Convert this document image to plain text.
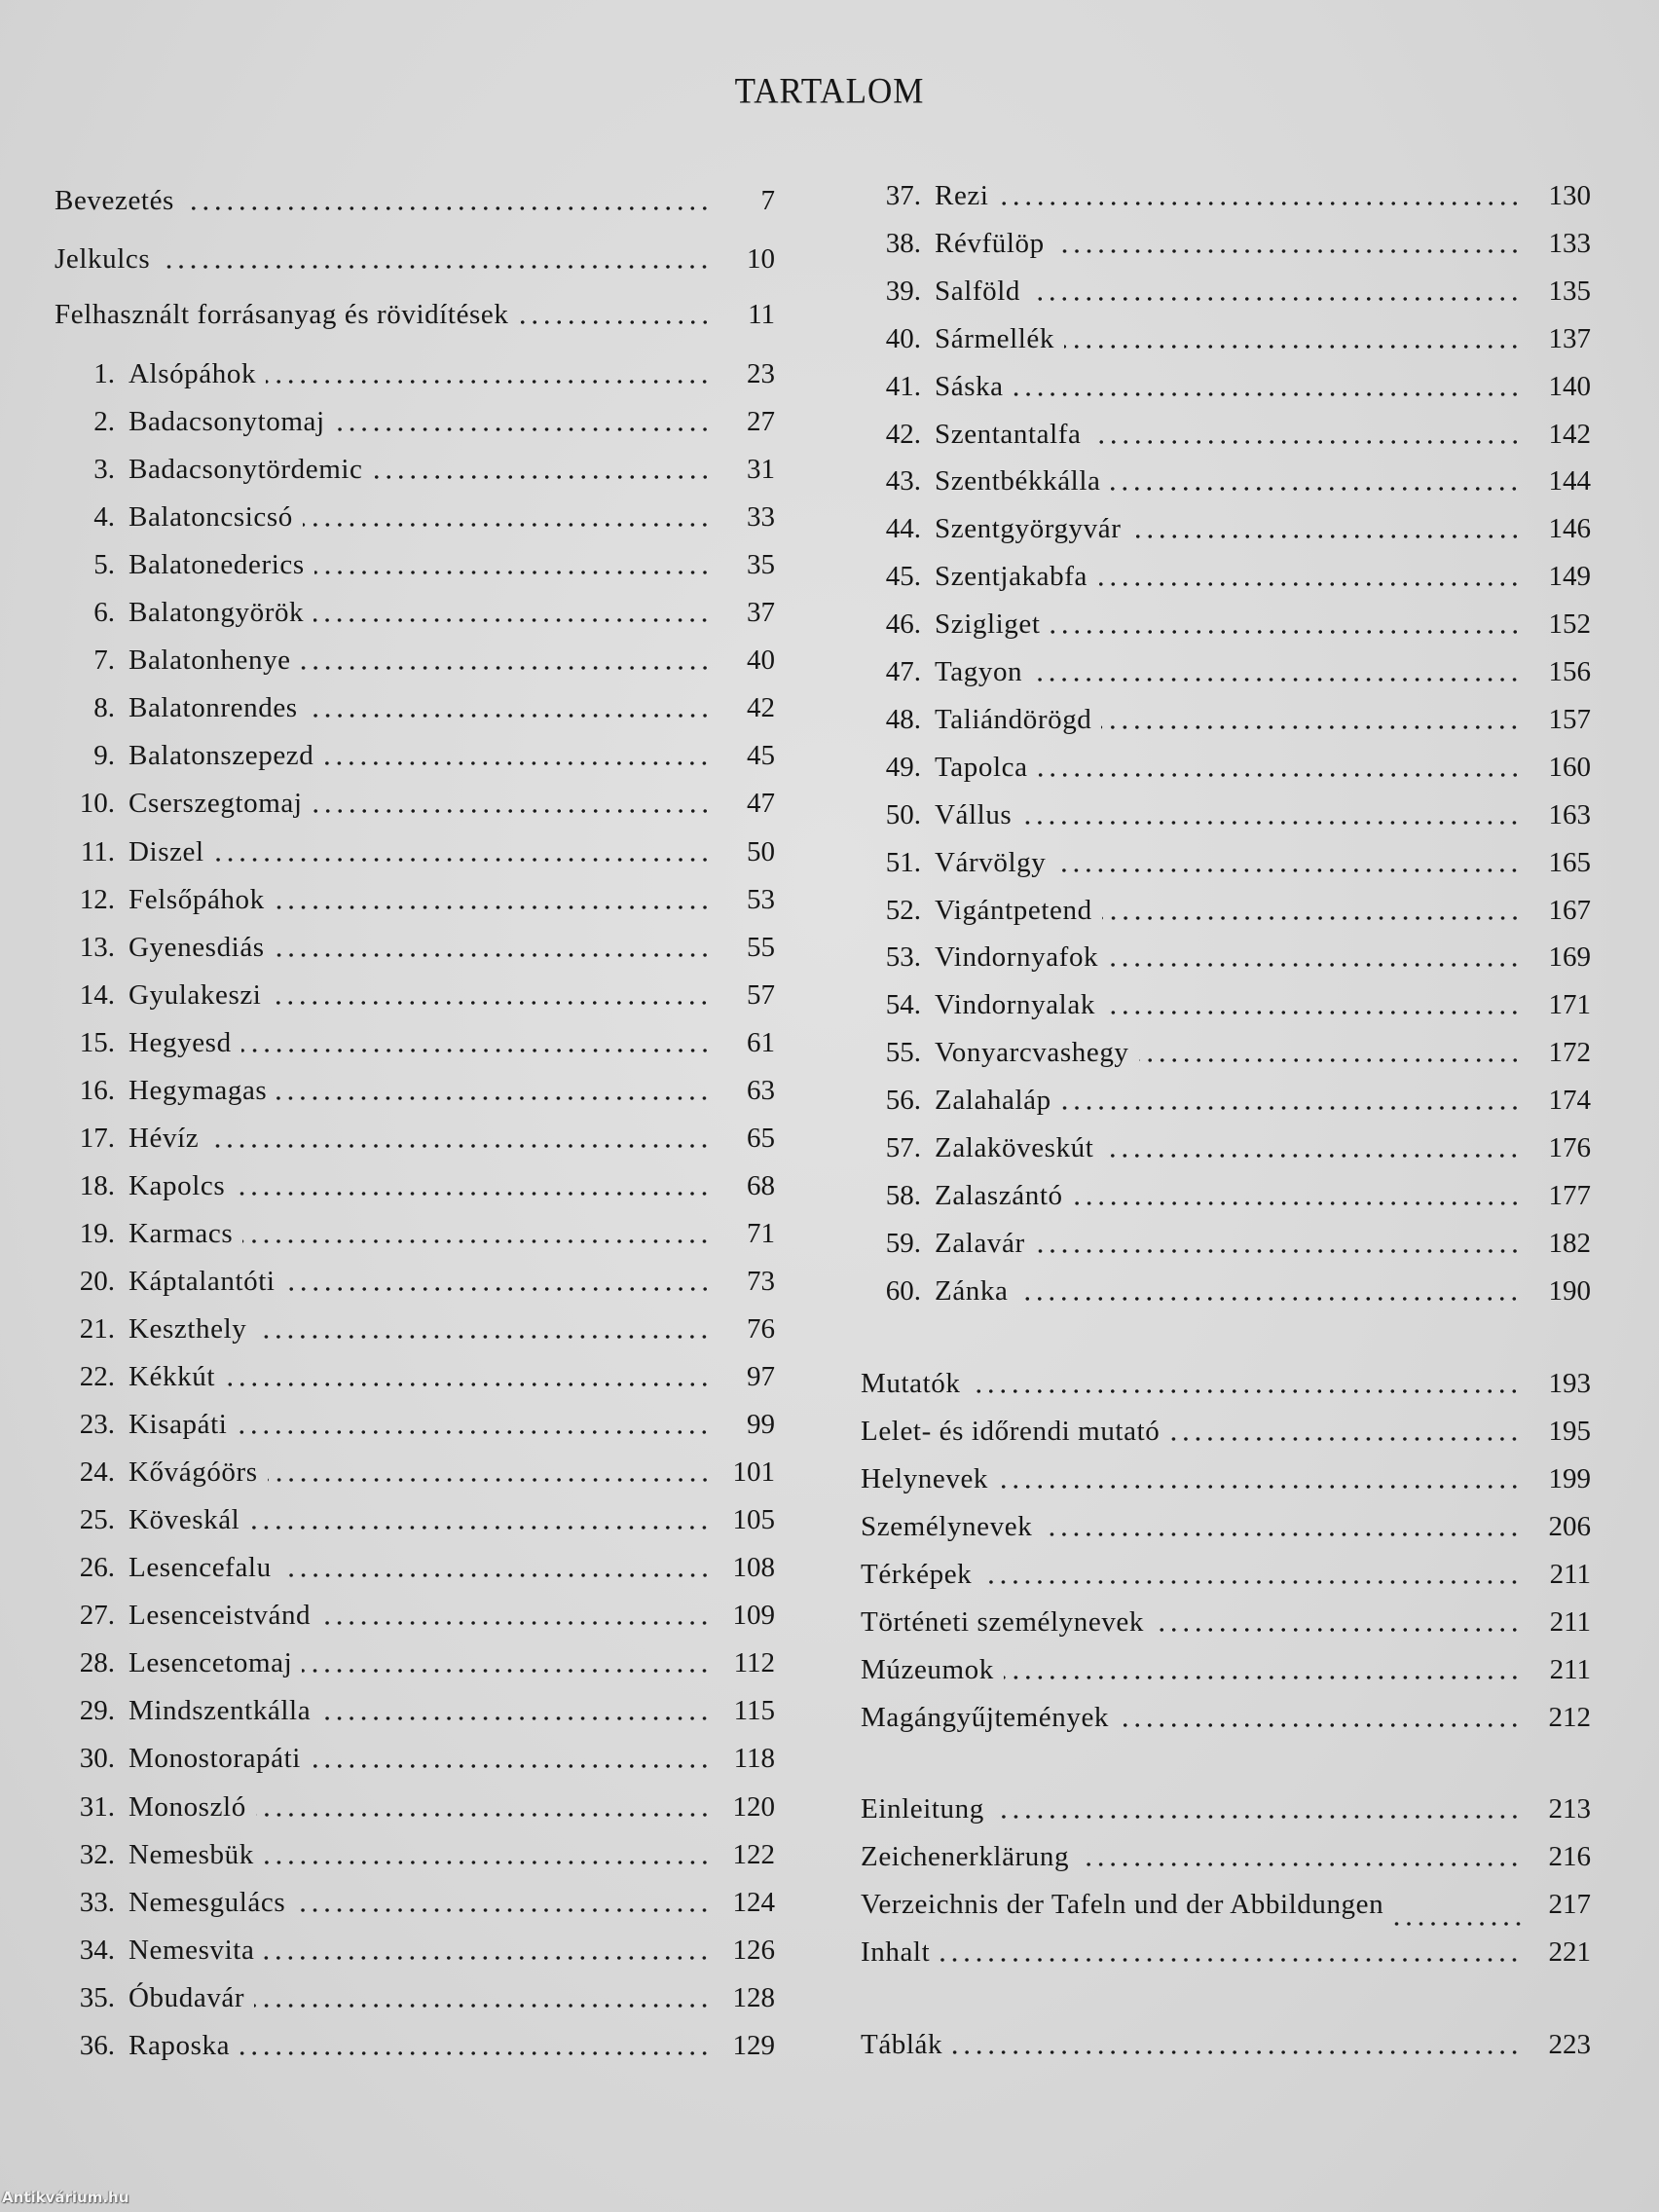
TARTALOM
Bevezetés	7
Jelkulcs	10
Felhasznált forrásanyag és rövidítések	11
1. Alsópáhok	23
2. Badacsonytomaj	27
3. Badacsonytördemic	31
4. Balatoncsicsó	33
5. Balatonederics	35
6. Balatongyörök	37
7. Balatonhenye	40
8. Balatonrendes	42
9. Balatonszepezd	45
10. Cserszegtomaj	47
11. Diszel	50
12. Felsőpáhok	53
13. Gyenesdiás	55
14. Gyulakeszi	57
15. Hegyesd	61
16. Hegymagas	63
17. Hévíz	65
18. Kapolcs	68
19. Karmacs	71
20. Káptalantóti	73
21. Keszthely	76
22. Kékkút	97
23. Kisapáti	99
24. Kővágóörs	101
25. Köveskál	105
26. Lesencefalu	108
27. Lesenceistvánd	109
28. Lesencetomaj	112
29. Mindszentkálla	115
30. Monostorapáti	118
31. Monoszló	120
32. Nemesbük	122
33. Nemesgulács	124
34. Nemesvita	126
35. Óbudavár	128
36. Raposka	129
37. Rezi	130
38. Révfülöp	133
39. Salföld	135
40. Sármellék	137
41. Sáska	140
42. Szentantalfa	142
43. Szentbékkálla	144
44. Szentgyörgyvár	146
45. Szentjakabfa	149
46. Szigliget	152
47. Tagyon	156
48. Taliándörögd	157
49. Tapolca	160
50. Vállus	163
51. Várvölgy	165
52. Vigántpetend	167
53. Vindornyafok	169
54. Vindornyalak	171
55. Vonyarcvashegy	172
56. Zalahaláp	174
57. Zalaköveskút	176
58. Zalaszántó	177
59. Zalavár	182
60. Zánka	190
Mutatók	193
Lelet- és időrendi mutató	195
Helynevek	199
Személynevek	206
Térképek	211
Történeti személynevek	211
Múzeumok	211
Magángyűjtemények	212
Einleitung	213
Zeichenerklärung	216
Verzeichnis der Tafeln und der Abbildungen	217
Inhalt	221
Táblák	223
Antikvárium.hu
